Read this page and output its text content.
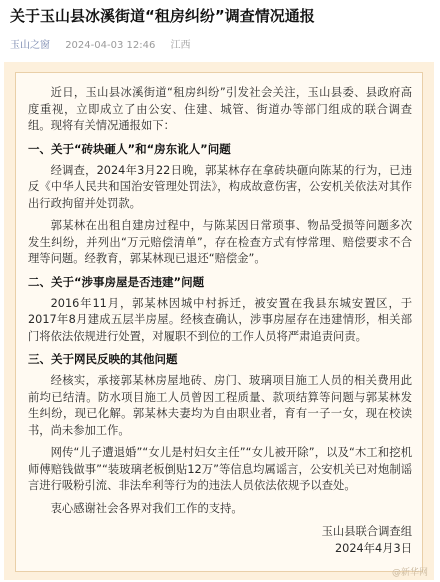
关于玉山县冰溪街道“租房纠纷”调查情况通报
玉山之窗 2024-04-03 12:46 江西

近日，玉山县冰溪街道“租房纠纷”引发社会关注，玉山县委、县政府高度重视，立即成立了由公安、住建、城管、街道办等部门组成的联合调查组。现将有关情况通报如下：

一、关于“砖块砸人”和“房东讹人”问题

经调查，2024年3月22日晚，郭某林存在拿砖块砸向陈某的行为，已违反《中华人民共和国治安管理处罚法》，构成故意伤害，公安机关依法对其作出行政拘留并处罚款。

郭某林在出租自建房过程中，与陈某因日常琐事、物品受损等问题多次发生纠纷，并列出“万元赔偿清单”，存在检查方式有悖常理、赔偿要求不合理等问题。经教育，郭某林现已退还“赔偿金”。

二、关于“涉事房屋是否违建”问题

2016年11月，郭某林因城中村拆迁，被安置在我县东城安置区，于2017年8月建成五层半房屋。经核查确认，涉事房屋存在违建情形，相关部门将依法依规进行处置，对履职不到位的工作人员将严肃追责问责。

三、关于网民反映的其他问题

经核实，承接郭某林房屋地砖、房门、玻璃项目施工人员的相关费用此前均已结清。防水项目施工人员曾因工程质量、款项结算等问题与郭某林发生纠纷，现已化解。郭某林夫妻均为自由职业者，育有一子一女，现在校读书，尚未参加工作。

网传“儿子遭退婚”“女儿是村妇女主任”“女儿被开除”，以及“木工和挖机师傅赔钱做事”“装玻璃老板倒贴12万”等信息均属谣言，公安机关已对炮制谣言进行吸粉引流、非法牟利等行为的违法人员依法依规予以查处。

衷心感谢社会各界对我们工作的支持。

玉山县联合调查组

2024年4月3日

@新华网
